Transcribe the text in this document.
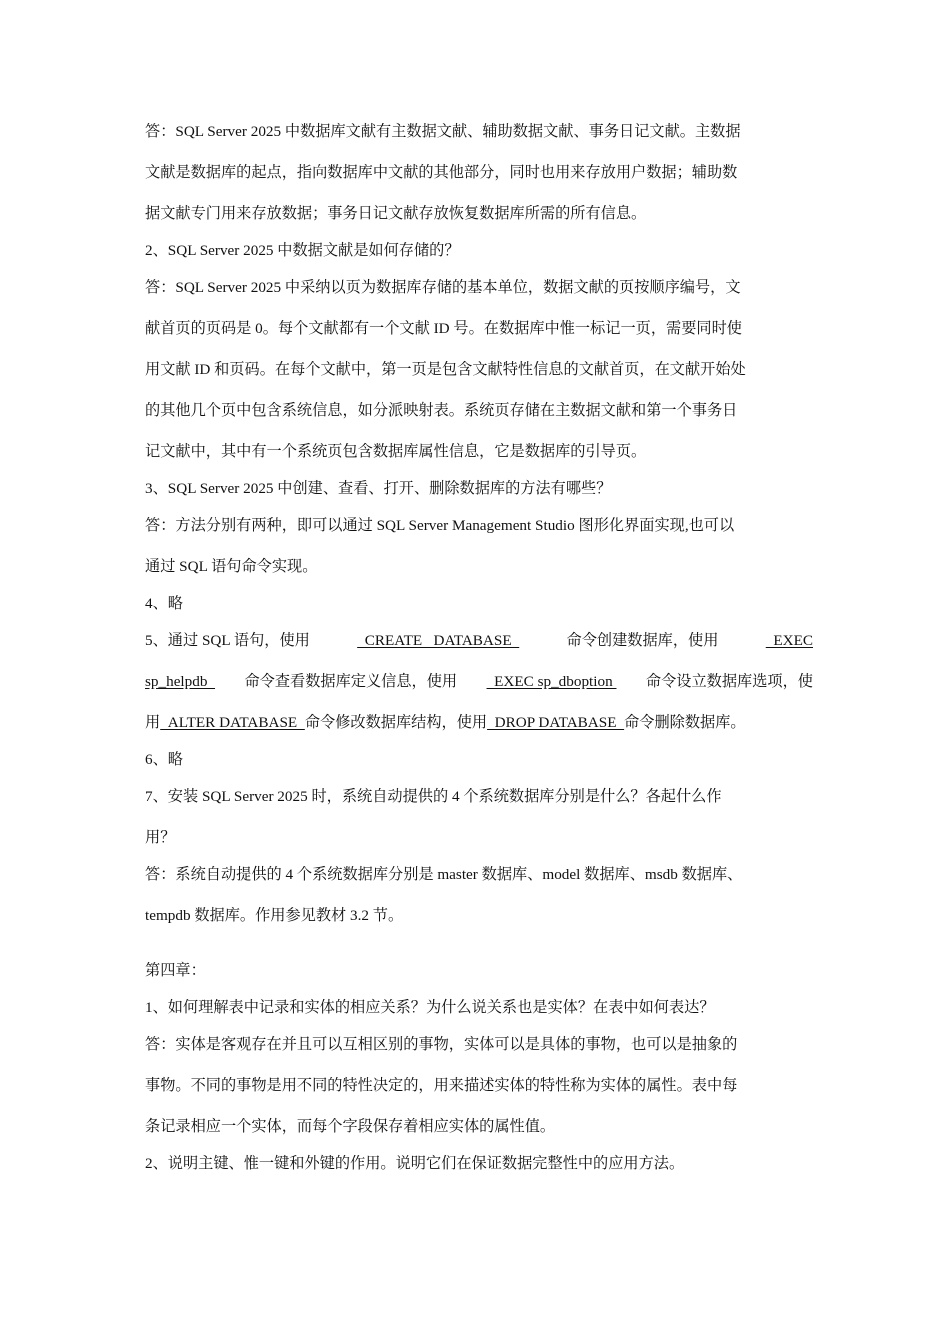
答：SQL Server 2025 中数据库文献有主数据文献、辅助数据文献、事务日记文献。主数据
文献是数据库的起点，指向数据库中文献的其他部分，同时也用来存放用户数据；辅助数
据文献专门用来存放数据；事务日记文献存放恢复数据库所需的所有信息。
2、SQL Server 2025 中数据文献是如何存储的？
答：SQL Server 2025 中采纳以页为数据库存储的基本单位，数据文献的页按顺序编号，文
献首页的页码是 0。每个文献都有一个文献 ID 号。在数据库中惟一标记一页，需要同时使
用文献 ID 和页码。在每个文献中，第一页是包含文献特性信息的文献首页，在文献开始处
的其他几个页中包含系统信息，如分派映射表。系统页存储在主数据文献和第一个事务日
记文献中，其中有一个系统页包含数据库属性信息，它是数据库的引导页。
3、SQL Server 2025 中创建、查看、打开、删除数据库的方法有哪些？
答：方法分别有两种，即可以通过 SQL Server Management Studio 图形化界面实现,也可以
通过 SQL 语句命令实现。
4、略
5、通过 SQL 语句，使用	CREATE   DATABASE	命令创建数据库，使用	EXEC
sp_helpdb 命令查看数据库定义信息，使用 EXEC sp_dboption 命令设立数据库选项，使
用  ALTER DATABASE  命令修改数据库结构，使用  DROP DATABASE  命令删除数据库。
6、略
7、安装 SQL Server 2025 时，系统自动提供的 4 个系统数据库分别是什么？各起什么作
用？
答：系统自动提供的 4 个系统数据库分别是 master 数据库、model 数据库、msdb 数据库、
tempdb 数据库。作用参见教材 3.2 节。
第四章：
1、如何理解表中记录和实体的相应关系？为什么说关系也是实体？在表中如何表达？
答：实体是客观存在并且可以互相区别的事物，实体可以是具体的事物，也可以是抽象的
事物。不同的事物是用不同的特性决定的，用来描述实体的特性称为实体的属性。表中每
条记录相应一个实体，而每个字段保存着相应实体的属性值。
2、说明主键、惟一键和外键的作用。说明它们在保证数据完整性中的应用方法。
